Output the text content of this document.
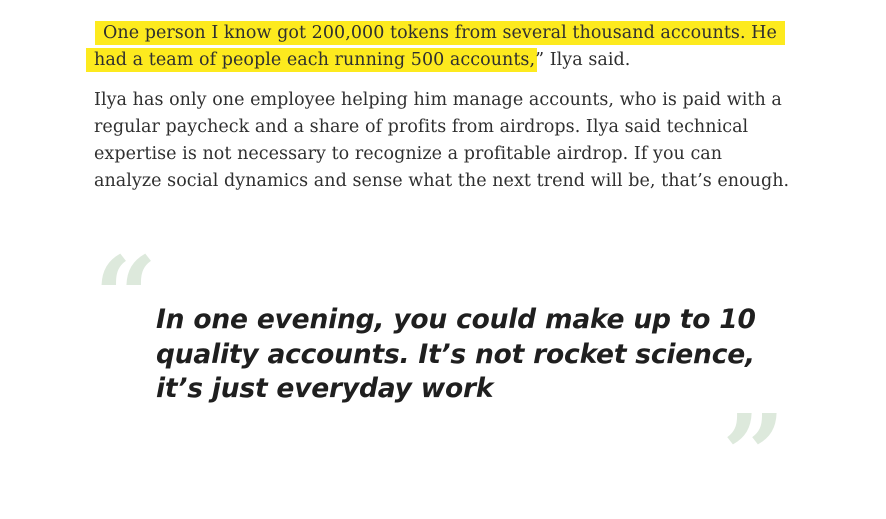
One person I know got 200,000 tokens from several thousand accounts. He
had a team of people each running 500 accounts,” Ilya said.

Ilya has only one employee helping him manage accounts, who is paid with a
regular paycheck and a share of profits from airdrops. Ilya said technical
expertise is not necessary to recognize a profitable airdrop. If you can
analyze social dynamics and sense what the next trend will be, that’s enough.

“

In one evening, you could make up to 10
quality accounts. It’s not rocket science,
it’s just everyday work

”
